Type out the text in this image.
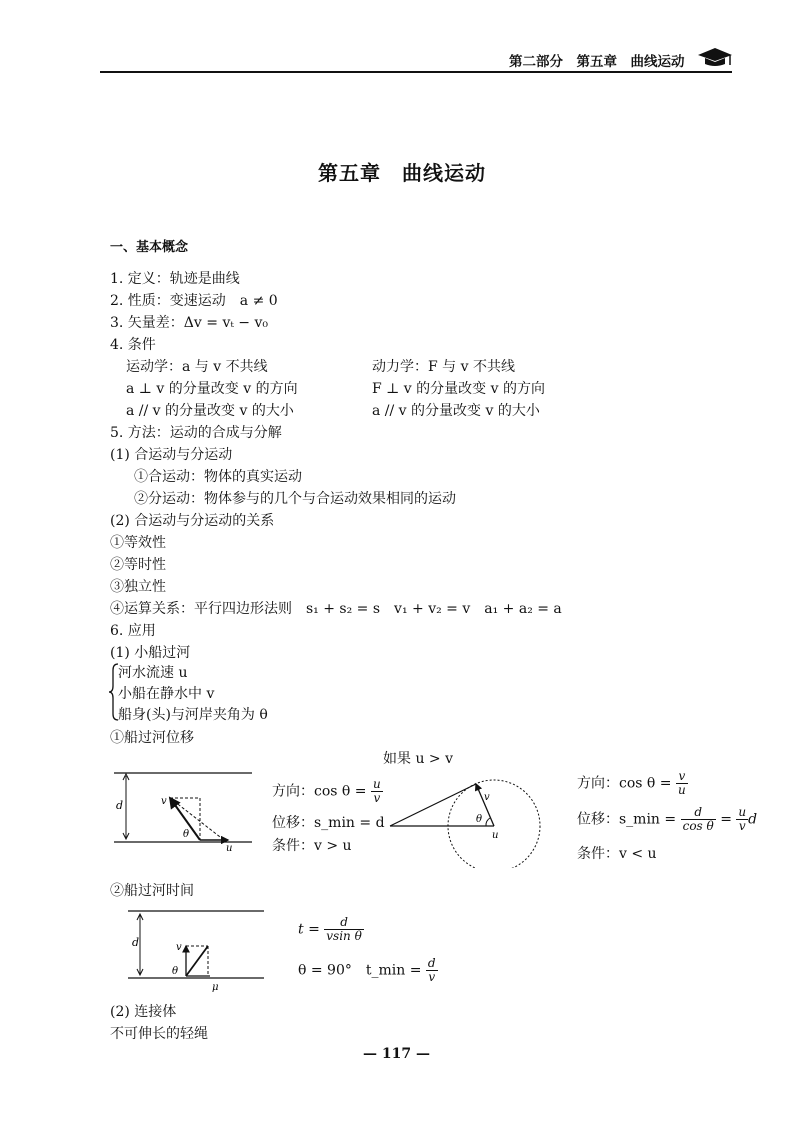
第二部分　第五章　曲线运动
第五章　曲线运动
一、基本概念
1. 定义：轨迹是曲线
2. 性质：变速运动　a ≠ 0
3. 矢量差：Δv = vₜ − v₀
4. 条件
运动学：a 与 v 不共线	动力学：F 与 v 不共线
a ⊥ v 的分量改变 v 的方向	F ⊥ v 的分量改变 v 的方向
a // v 的分量改变 v 的大小	a // v 的分量改变 v 的大小
5. 方法：运动的合成与分解
(1) 合运动与分运动
①合运动：物体的真实运动
②分运动：物体参与的几个与合运动效果相同的运动
(2) 合运动与分运动的关系
①等效性
②等时性
③独立性
④运算关系：平行四边形法则　s₁ + s₂ = s　v₁ + v₂ = v　a₁ + a₂ = a
6. 应用
(1) 小船过河
河水流速 u
小船在静水中 v
船身(头)与河岸夹角为 θ
①船过河位移
如果 u > v
d	v
θ
u
方向：$\cos \theta = \frac{u}{v}$
位移：s_min = d
条件：v > u
v
θ
u
方向：$\cos \theta = \frac{v}{u}$
位移：s_min = $\frac{d}{\text{cos θ}} = \frac{u}{v}$ d
条件：v < u
②船过河时间
d	v
θ
μ
$t = \frac{d}{\text{vsin θ}}$
θ = 90°　t_min = $\frac{d}{v}$
(2) 连接体
不可伸长的轻绳
— 117 —
